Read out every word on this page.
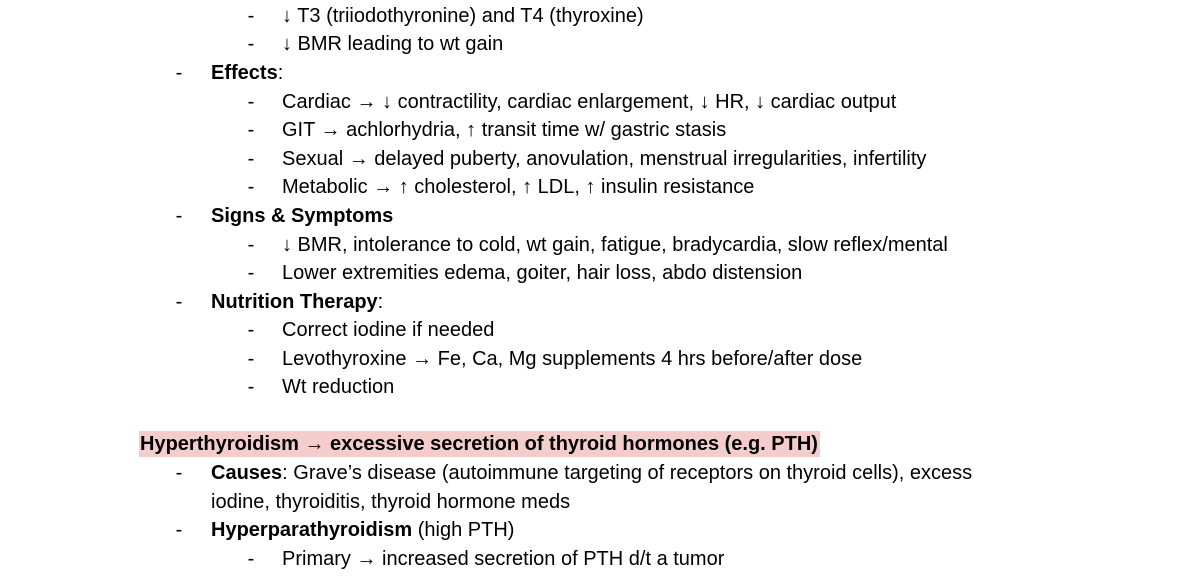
- ↓ T3 (triiodothyronine) and T4 (thyroxine)
- ↓ BMR leading to wt gain
- Effects:
- Cardiac → ↓ contractility, cardiac enlargement, ↓ HR, ↓ cardiac output
- GIT → achlorhydria, ↑ transit time w/ gastric stasis
- Sexual → delayed puberty, anovulation, menstrual irregularities, infertility
- Metabolic → ↑ cholesterol, ↑ LDL, ↑ insulin resistance
- Signs & Symptoms
- ↓ BMR, intolerance to cold, wt gain, fatigue, bradycardia, slow reflex/mental
- Lower extremities edema, goiter, hair loss, abdo distension
- Nutrition Therapy:
- Correct iodine if needed
- Levothyroxine → Fe, Ca, Mg supplements 4 hrs before/after dose
- Wt reduction
Hyperthyroidism → excessive secretion of thyroid hormones (e.g. PTH)
- Causes: Grave’s disease (autoimmune targeting of receptors on thyroid cells), excess
iodine, thyroiditis, thyroid hormone meds
- Hyperparathyroidism (high PTH)
- Primary → increased secretion of PTH d/t a tumor
